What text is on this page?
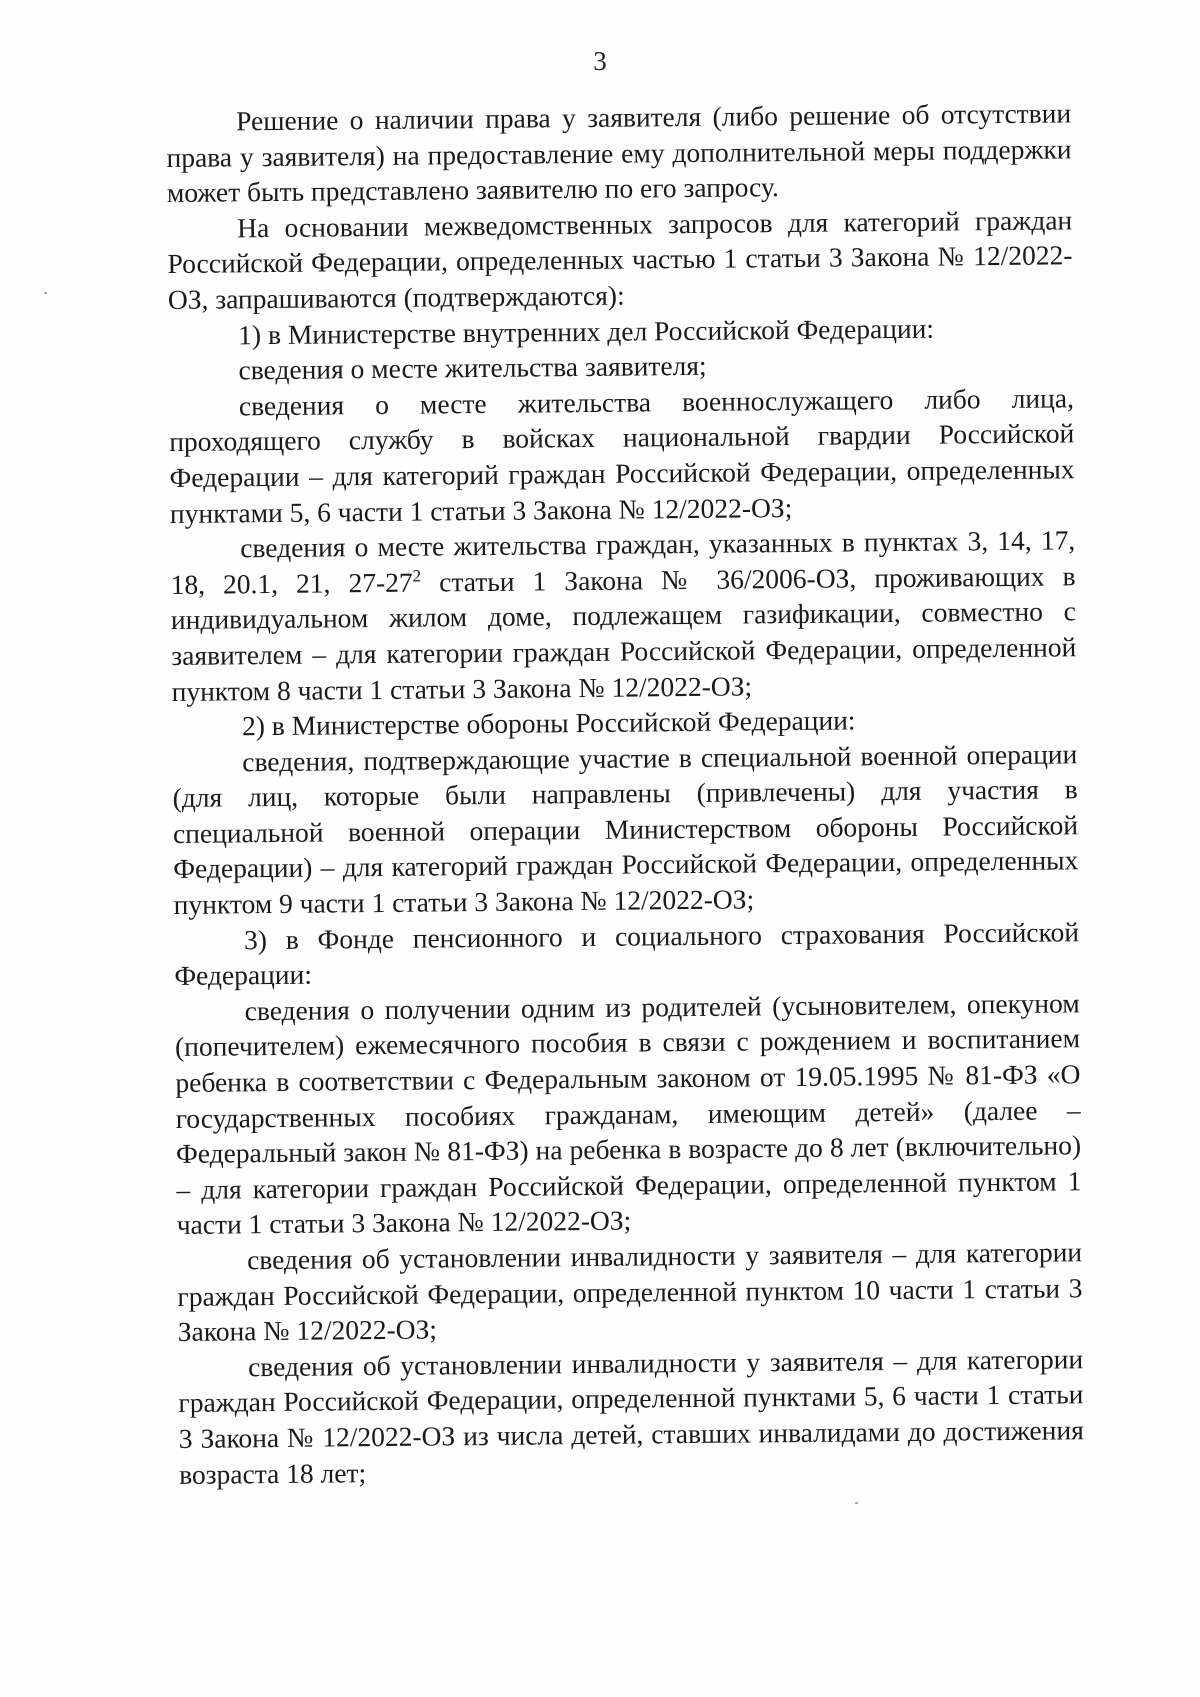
3

Решение о наличии права у заявителя (либо решение об отсутствии права у заявителя) на предоставление ему дополнительной меры поддержки может быть представлено заявителю по его запросу.

На основании межведомственных запросов для категорий граждан Российской Федерации, определенных частью 1 статьи 3 Закона № 12/2022-ОЗ, запрашиваются (подтверждаются):

1) в Министерстве внутренних дел Российской Федерации:

сведения о месте жительства заявителя;

сведения о месте жительства военнослужащего либо лица, проходящего службу в войсках национальной гвардии Российской Федерации – для категорий граждан Российской Федерации, определенных пунктами 5, 6 части 1 статьи 3 Закона № 12/2022-ОЗ;

сведения о месте жительства граждан, указанных в пунктах 3, 14, 17, 18, 20.1, 21, $27-27^2$ статьи 1 Закона № 36/2006-ОЗ, проживающих в индивидуальном жилом доме, подлежащем газификации, совместно с заявителем – для категории граждан Российской Федерации, определенной пунктом 8 части 1 статьи 3 Закона № 12/2022-ОЗ;

2) в Министерстве обороны Российской Федерации:

сведения, подтверждающие участие в специальной военной операции (для лиц, которые были направлены (привлечены) для участия в специальной военной операции Министерством обороны Российской Федерации) – для категорий граждан Российской Федерации, определенных пунктом 9 части 1 статьи 3 Закона № 12/2022-ОЗ;

3) в Фонде пенсионного и социального страхования Российской Федерации:

сведения о получении одним из родителей (усыновителем, опекуном (попечителем) ежемесячного пособия в связи с рождением и воспитанием ребенка в соответствии с Федеральным законом от 19.05.1995 № 81-ФЗ «О государственных пособиях гражданам, имеющим детей» (далее – Федеральный закон № 81-ФЗ) на ребенка в возрасте до 8 лет (включительно) – для категории граждан Российской Федерации, определенной пунктом 1 части 1 статьи 3 Закона № 12/2022-ОЗ;

сведения об установлении инвалидности у заявителя – для категории граждан Российской Федерации, определенной пунктом 10 части 1 статьи 3 Закона № 12/2022-ОЗ;

сведения об установлении инвалидности у заявителя – для категории граждан Российской Федерации, определенной пунктами 5, 6 части 1 статьи 3 Закона № 12/2022-ОЗ из числа детей, ставших инвалидами до достижения возраста 18 лет;
